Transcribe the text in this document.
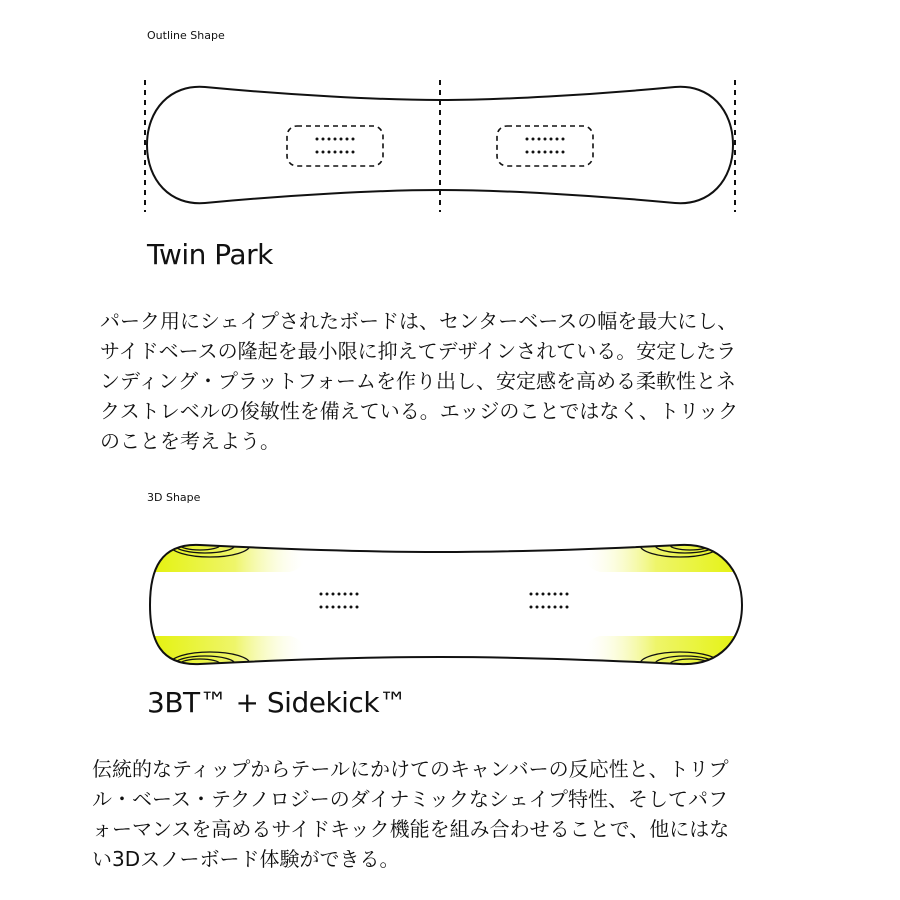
Outline Shape
Twin Park

パーク用にシェイプされたボードは、センターベースの幅を最大にし、
サイドベースの隆起を最小限に抑えてデザインされている。安定したラ
ンディング・プラットフォームを作り出し、安定感を高める柔軟性とネ
クストレベルの俊敏性を備えている。エッジのことではなく、トリック
のことを考えよう。

3D Shape
3BT™ + Sidekick™

伝統的なティップからテールにかけてのキャンバーの反応性と、トリプ
ル・ベース・テクノロジーのダイナミックなシェイプ特性、そしてパフ
ォーマンスを高めるサイドキック機能を組み合わせることで、他にはな
い3Dスノーボード体験ができる。
